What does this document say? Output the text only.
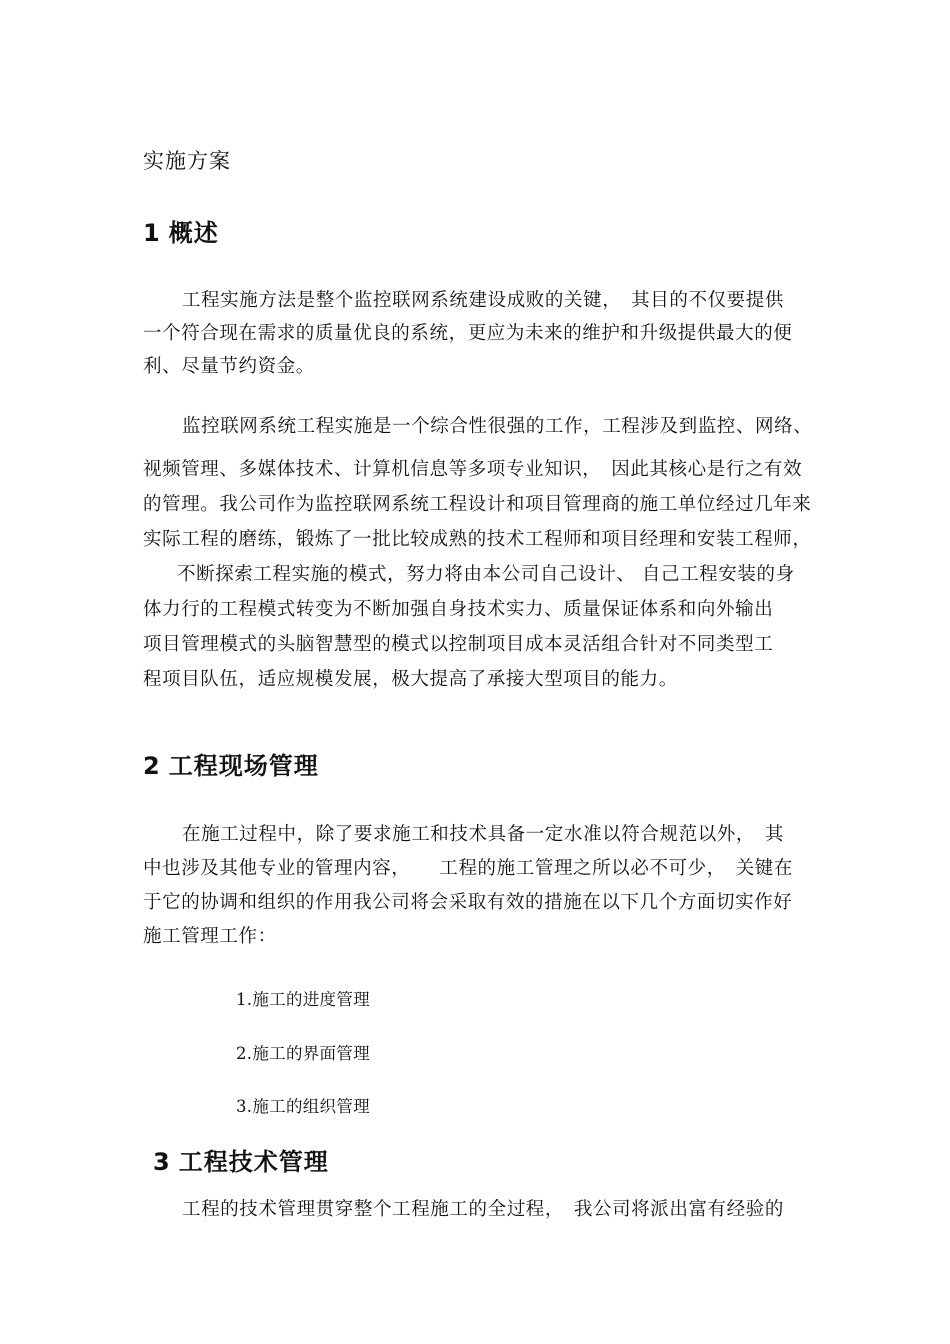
实施方案
1 概述
工程实施方法是整个监控联网系统建设成败的关键，　其目的不仅要提供
一个符合现在需求的质量优良的系统，更应为未来的维护和升级提供最大的便
利、尽量节约资金。
监控联网系统工程实施是一个综合性很强的工作，工程涉及到监控、网络、
视频管理、多媒体技术、计算机信息等多项专业知识，　因此其核心是行之有效
的管理。我公司作为监控联网系统工程设计和项目管理商的施工单位经过几年来
实际工程的磨练，锻炼了一批比较成熟的技术工程师和项目经理和安装工程师，
不断探索工程实施的模式，努力将由本公司自己设计、 自己工程安装的身
体力行的工程模式转变为不断加强自身技术实力、质量保证体系和向外输出
项目管理模式的头脑智慧型的模式以控制项目成本灵活组合针对不同类型工
程项目队伍，适应规模发展，极大提高了承接大型项目的能力。
2 工程现场管理
在施工过程中，除了要求施工和技术具备一定水准以符合规范以外，　其
中也涉及其他专业的管理内容，　　工程的施工管理之所以必不可少，　关键在
于它的协调和组织的作用我公司将会采取有效的措施在以下几个方面切实作好
施工管理工作：
1.施工的进度管理
2.施工的界面管理
3.施工的组织管理
3 工程技术管理
工程的技术管理贯穿整个工程施工的全过程，　我公司将派出富有经验的
